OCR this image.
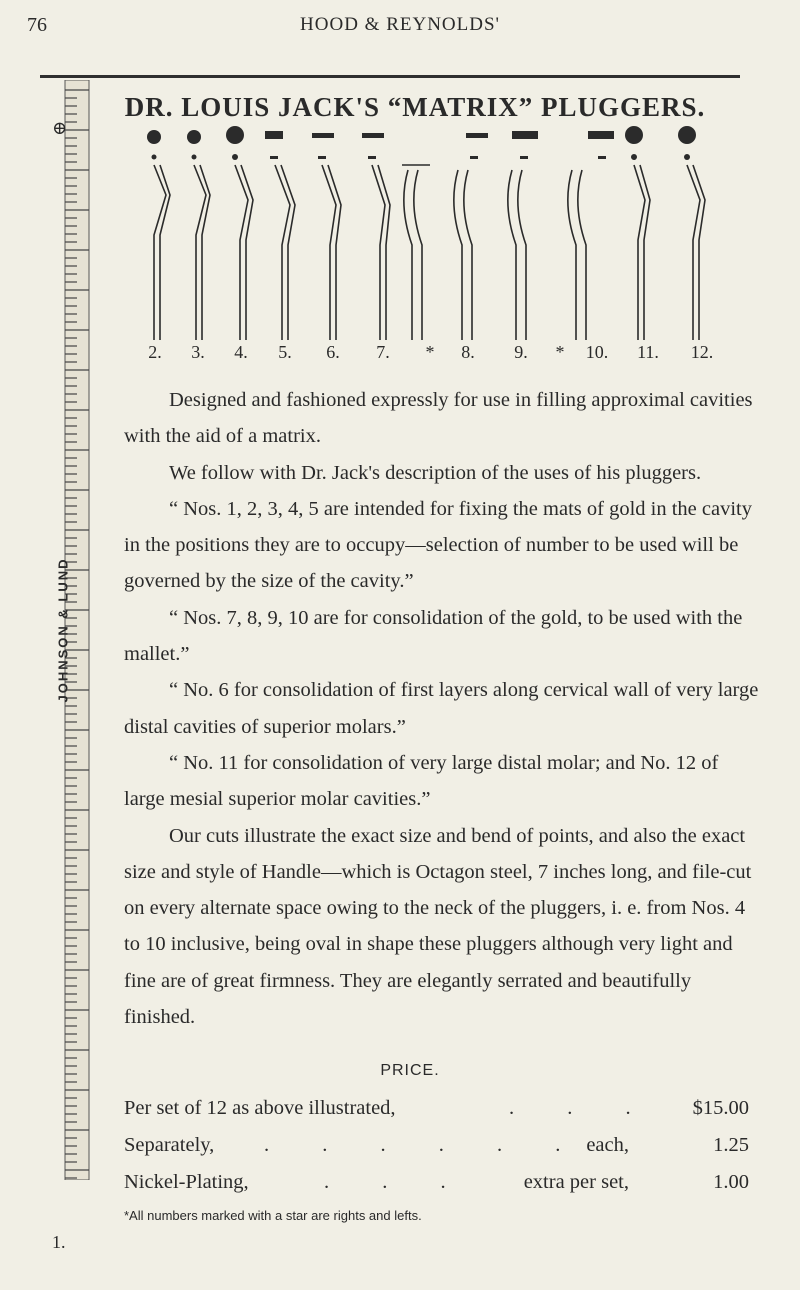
76	HOOD & REYNOLDS'
⊕
JOHNSON & LUND
1.
DR. LOUIS JACK'S “MATRIX” PLUGGERS.
2. 3. 4. 5. 6. 7. * 8. 9. * 10. 11. 12.

Designed and fashioned expressly for use in filling approximal cavities with the aid of a matrix.

We follow with Dr. Jack's description of the uses of his pluggers.

“ Nos. 1, 2, 3, 4, 5 are intended for fixing the mats of gold in the cavity in the positions they are to occupy—selection of number to be used will be governed by the size of the cavity.”

“ Nos. 7, 8, 9, 10 are for consolidation of the gold, to be used with the mallet.”

“ No. 6 for consolidation of first layers along cervical wall of very large distal cavities of superior molars.”

“ No. 11 for consolidation of very large distal molar; and No. 12 of large mesial superior molar cavities.”

Our cuts illustrate the exact size and bend of points, and also the exact size and style of Handle—which is Octagon steel, 7 inches long, and file-cut on every alternate space owing to the neck of the pluggers, i. e. from Nos. 4 to 10 inclusive, being oval in shape these pluggers although very light and fine are of great firmness. They are elegantly serrated and beautifully finished.

PRICE.
Per set of 12 as above illustrated,	. . . $15.00
Separately, . . . . . . each,	1.25
Nickel-Plating,	. . .	extra per set,	1.00
*All numbers marked with a star are rights and lefts.
